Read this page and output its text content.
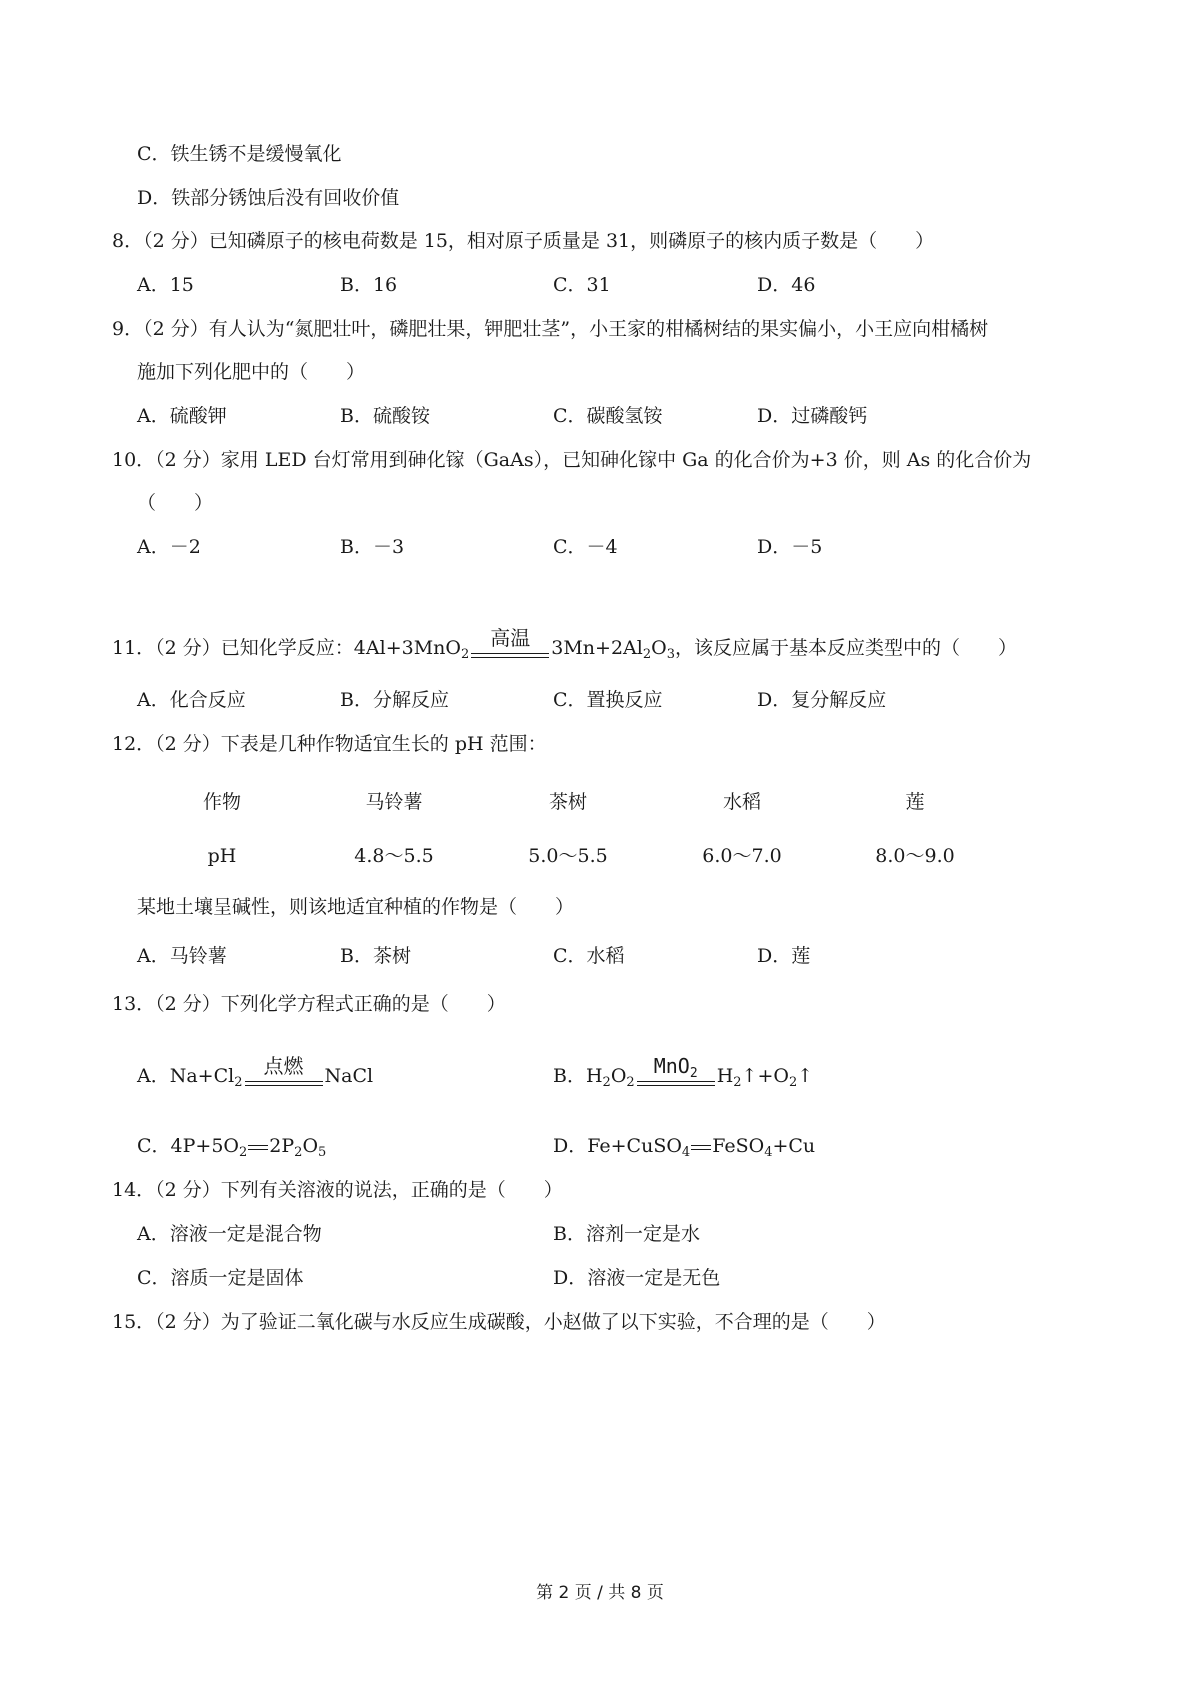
C．铁生锈不是缓慢氧化
D．铁部分锈蚀后没有回收价值
8．（2 分）已知磷原子的核电荷数是 15，相对原子质量是 31，则磷原子的核内质子数是（　　）
A．15	B．16	C．31	D．46
9．（2 分）有人认为“氮肥壮叶，磷肥壮果，钾肥壮茎”，小王家的柑橘树结的果实偏小，小王应向柑橘树
施加下列化肥中的（　　）
A．硫酸钾	B．硫酸铵	C．碳酸氢铵	D．过磷酸钙
10．（2 分）家用 LED 台灯常用到砷化镓（GaAs），已知砷化镓中 Ga 的化合价为+3 价，则 As 的化合价为
（　　）
A．－2	B．－3	C．－4	D．－5
11．（2 分）已知化学反应：4Al+3MnO$_2$
高温	$3Mn+2Al_2O_3$，该反应属于基本反应类型中的（　　）
A．化合反应	B．分解反应	C．置换反应	D．复分解反应
12．（2 分）下表是几种作物适宜生长的 pH 范围：
作物	马铃薯	茶树	水稻	莲
pH	4.8～5.5	5.0～5.5	6.0～7.0	8.0～9.0
某地土壤呈碱性，则该地适宜种植的作物是（　　）
A．马铃薯	B．茶树	C．水稻	D．莲
13．（2 分）下列化学方程式正确的是（　　）
A．$Na+Cl_2$
点燃	NaCl	B．$H_2O_2$
MnO$_2$	$H_2↑+O_2↑$
C．$4P+5O_2$ $2P_2O_5$	D．Fe+CuSO$_4$ FeSO$_4$+Cu
14．（2 分）下列有关溶液的说法，正确的是（　　）
A．溶液一定是混合物	B．溶剂一定是水
C．溶质一定是固体	D．溶液一定是无色
15．（2 分）为了验证二氧化碳与水反应生成碳酸，小赵做了以下实验，不合理的是（　　）
第 2 页 / 共 8 页
